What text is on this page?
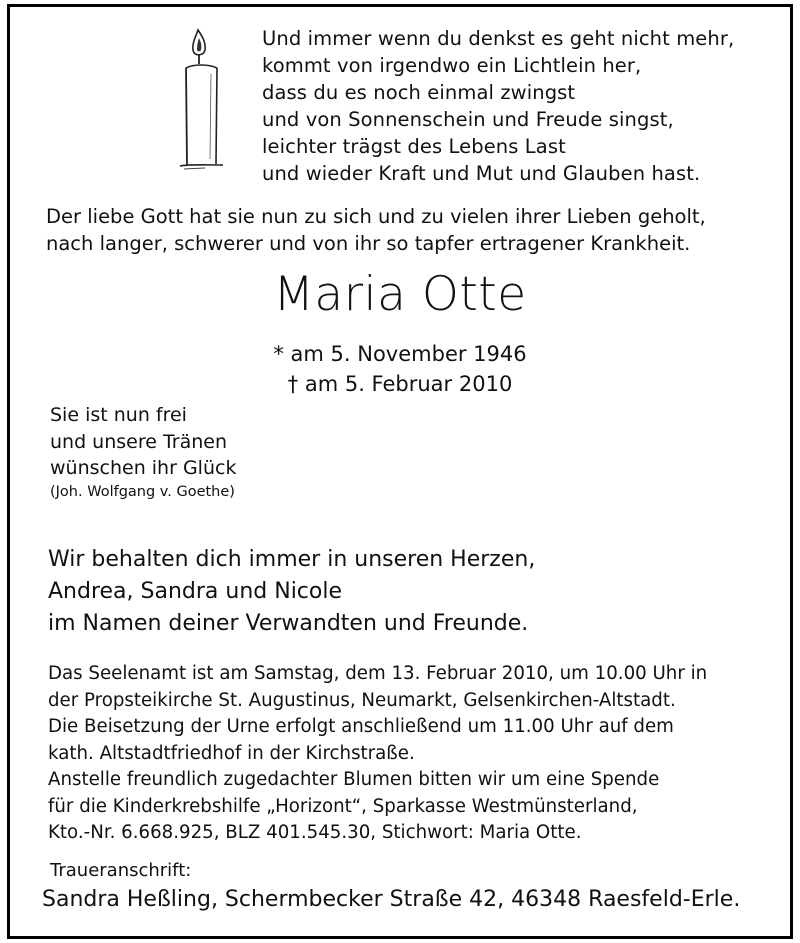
Und immer wenn du denkst es geht nicht mehr,
kommt von irgendwo ein Lichtlein her,
dass du es noch einmal zwingst
und von Sonnenschein und Freude singst,
leichter trägst des Lebens Last
und wieder Kraft und Mut und Glauben hast.
Der liebe Gott hat sie nun zu sich und zu vielen ihrer Lieben geholt,
nach langer, schwerer und von ihr so tapfer ertragener Krankheit.
Maria Otte
* am 5. November 1946
† am 5. Februar 2010
Sie ist nun frei
und unsere Tränen
wünschen ihr Glück
(Joh. Wolfgang v. Goethe)
Wir behalten dich immer in unseren Herzen,
Andrea, Sandra und Nicole
im Namen deiner Verwandten und Freunde.
Das Seelenamt ist am Samstag, dem 13. Februar 2010, um 10.00 Uhr in
der Propsteikirche St. Augustinus, Neumarkt, Gelsenkirchen-Altstadt.
Die Beisetzung der Urne erfolgt anschließend um 11.00 Uhr auf dem
kath. Altstadtfriedhof in der Kirchstraße.
Anstelle freundlich zugedachter Blumen bitten wir um eine Spende
für die Kinderkrebshilfe „Horizont“, Sparkasse Westmünsterland,
Kto.-Nr. 6.668.925, BLZ 401.545.30, Stichwort: Maria Otte.
Traueranschrift:
Sandra Heßling, Schermbecker Straße 42, 46348 Raesfeld-Erle.
